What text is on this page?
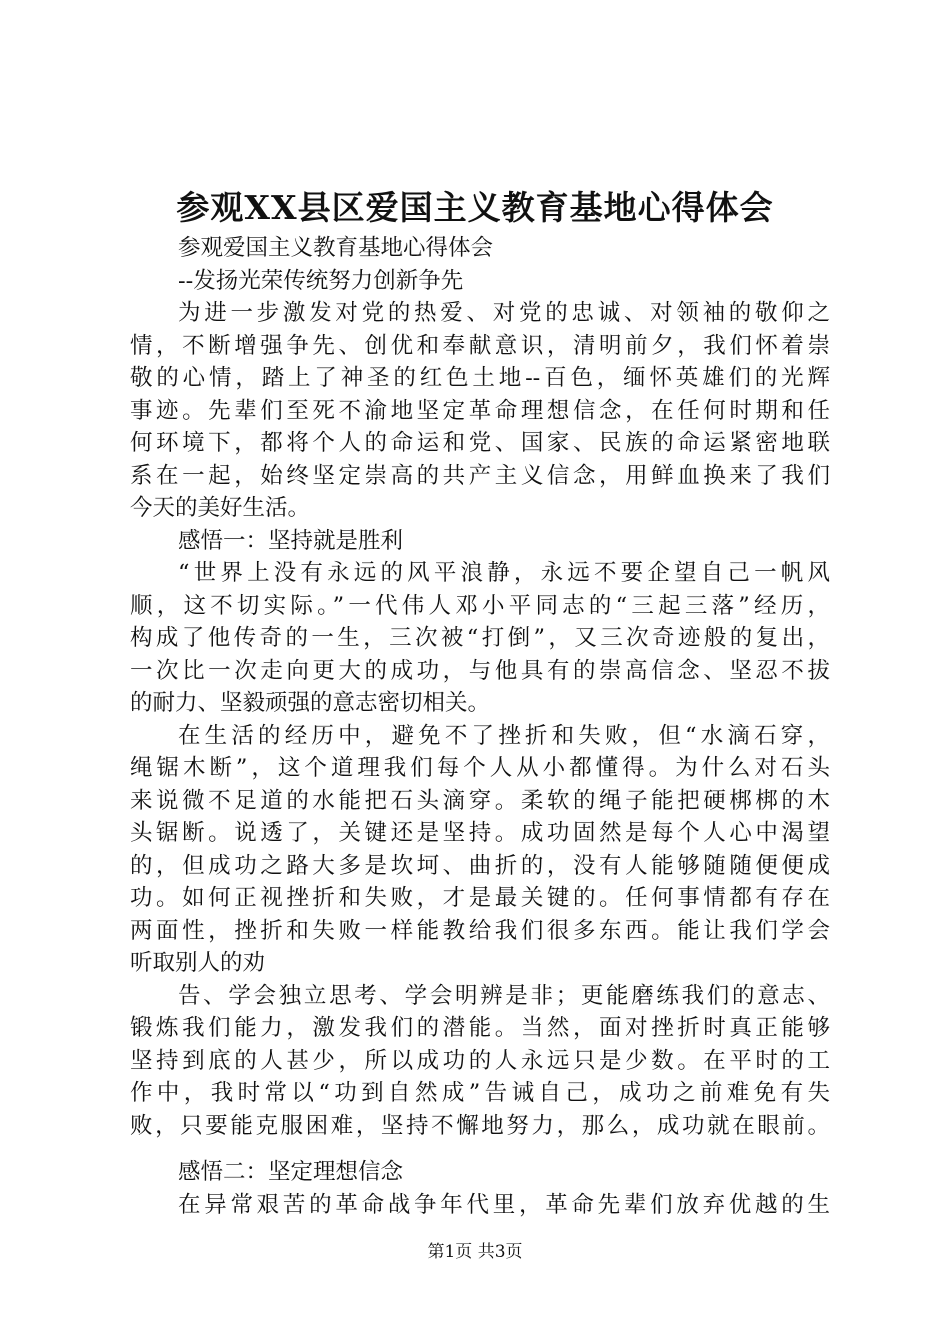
参观XX县区爱国主义教育基地心得体会
参观爱国主义教育基地心得体会
--发扬光荣传统努力创新争先
为进一步激发对党的热爱、对党的忠诚、对领袖的敬仰之
情，不断增强争先、创优和奉献意识，清明前夕，我们怀着崇
敬的心情，踏上了神圣的红色土地--百色，缅怀英雄们的光辉
事迹。先辈们至死不渝地坚定革命理想信念，在任何时期和任
何环境下，都将个人的命运和党、国家、民族的命运紧密地联
系在一起，始终坚定崇高的共产主义信念，用鲜血换来了我们
今天的美好生活。
感悟一：坚持就是胜利
“世界上没有永远的风平浪静，永远不要企望自己一帆风
顺，这不切实际。”一代伟人邓小平同志的“三起三落”经历，
构成了他传奇的一生，三次被“打倒”，又三次奇迹般的复出，
一次比一次走向更大的成功，与他具有的崇高信念、坚忍不拔
的耐力、坚毅顽强的意志密切相关。
在生活的经历中，避免不了挫折和失败，但“水滴石穿，
绳锯木断”，这个道理我们每个人从小都懂得。为什么对石头
来说微不足道的水能把石头滴穿。柔软的绳子能把硬梆梆的木
头锯断。说透了，关键还是坚持。成功固然是每个人心中渴望
的，但成功之路大多是坎坷、曲折的，没有人能够随随便便成
功。如何正视挫折和失败，才是最关键的。任何事情都有存在
两面性，挫折和失败一样能教给我们很多东西。能让我们学会
听取别人的劝
告、学会独立思考、学会明辨是非；更能磨练我们的意志、
锻炼我们能力，激发我们的潜能。当然，面对挫折时真正能够
坚持到底的人甚少，所以成功的人永远只是少数。在平时的工
作中，我时常以“功到自然成”告诫自己，成功之前难免有失
败，只要能克服困难，坚持不懈地努力，那么，成功就在眼前。
感悟二：坚定理想信念
在异常艰苦的革命战争年代里，革命先辈们放弃优越的生
第1页 共3页
